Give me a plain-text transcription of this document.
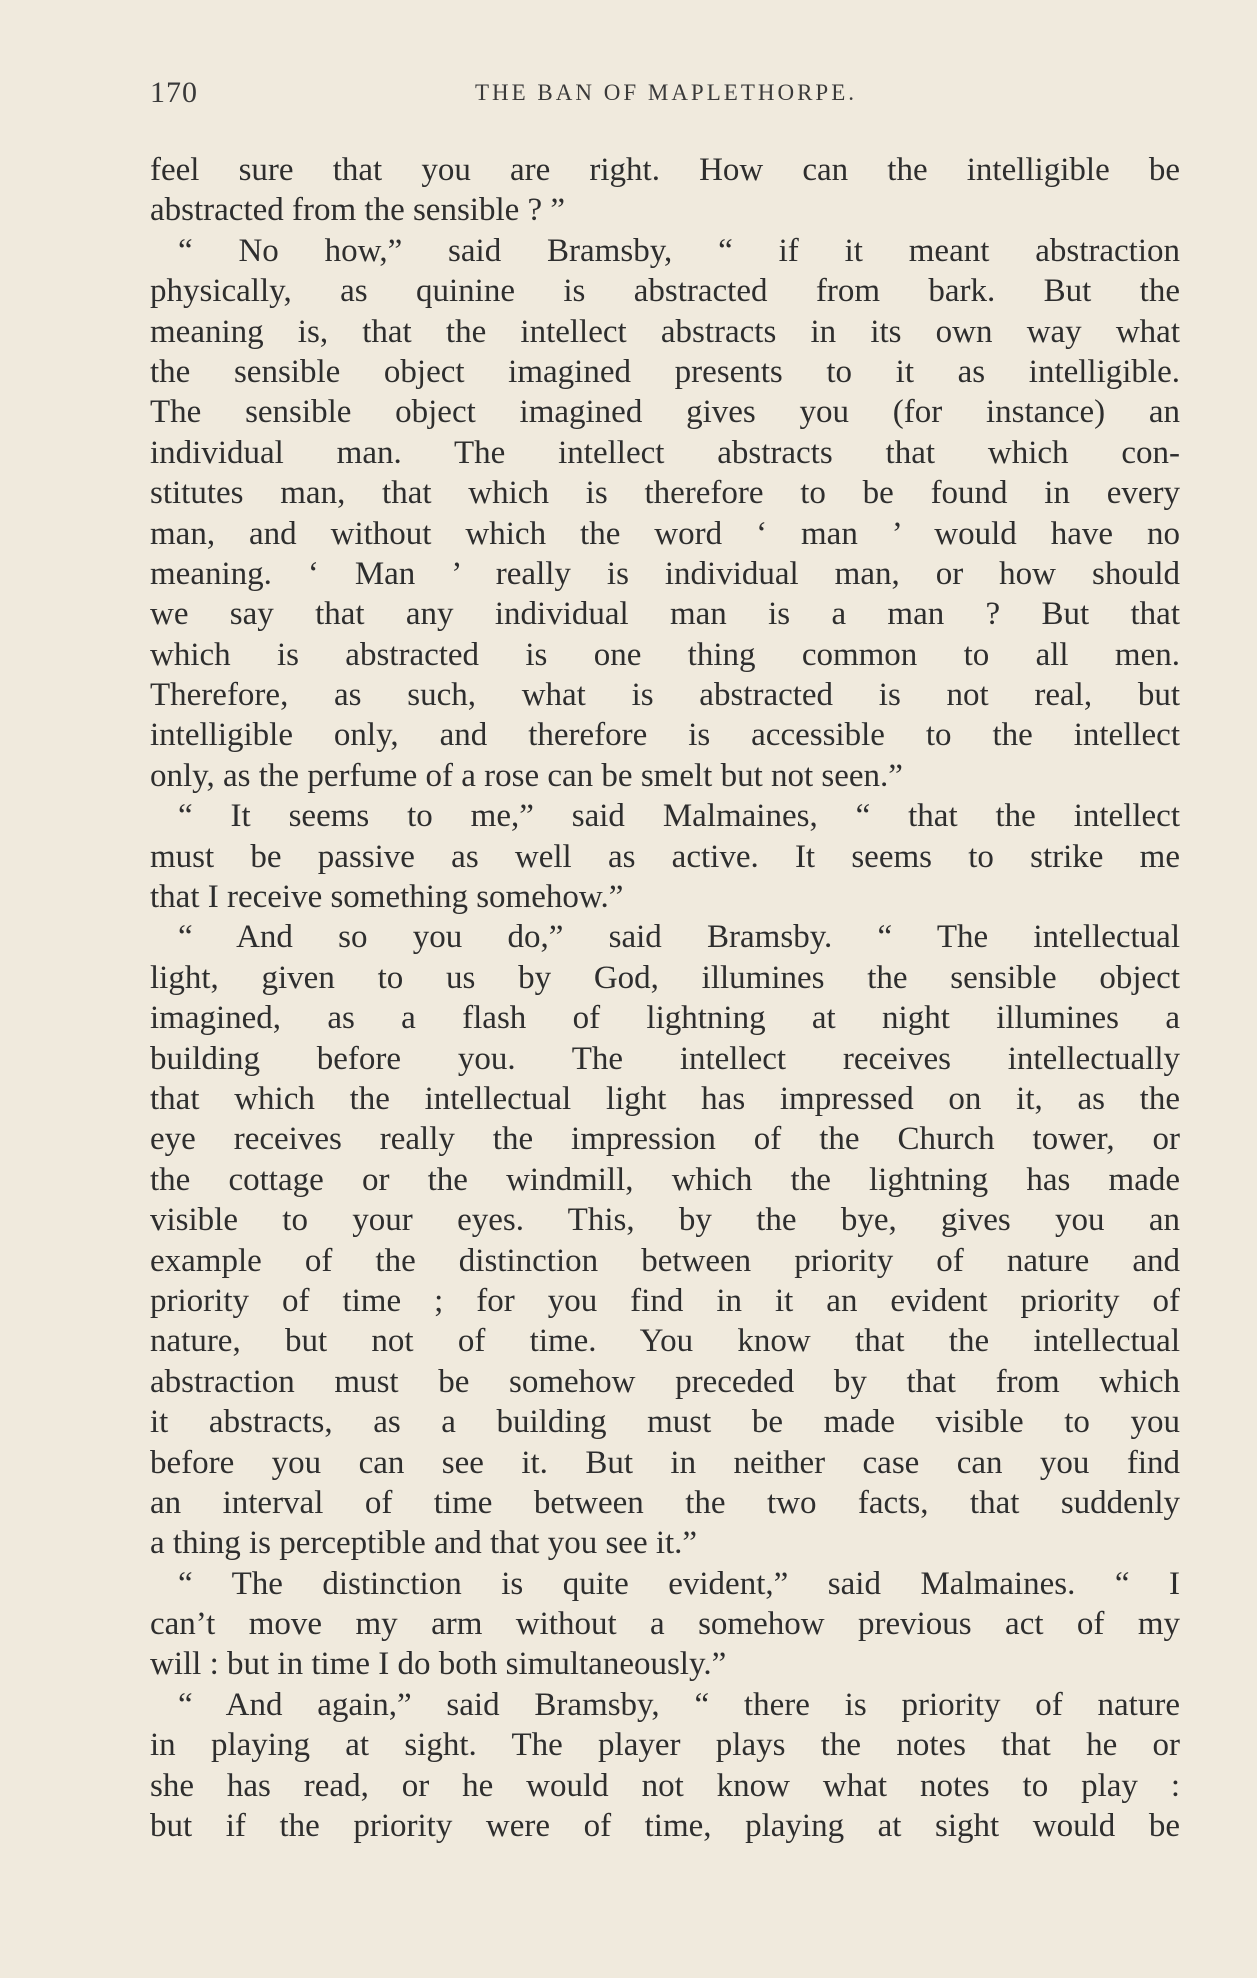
170	THE BAN OF MAPLETHORPE.
feel sure that you are right. How can the intelligible be
abstracted from the sensible ? ”
“ No how,” said Bramsby, “ if it meant abstraction
physically, as quinine is abstracted from bark. But the
meaning is, that the intellect abstracts in its own way what
the sensible object imagined presents to it as intelligible.
The sensible object imagined gives you (for instance) an
individual man. The intellect abstracts that which con-
stitutes man, that which is therefore to be found in every
man, and without which the word ‘ man ’ would have no
meaning. ‘ Man ’ really is individual man, or how should
we say that any individual man is a man ? But that
which is abstracted is one thing common to all men.
Therefore, as such, what is abstracted is not real, but
intelligible only, and therefore is accessible to the intellect
only, as the perfume of a rose can be smelt but not seen.”
“ It seems to me,” said Malmaines, “ that the intellect
must be passive as well as active. It seems to strike me
that I receive something somehow.”
“ And so you do,” said Bramsby. “ The intellectual
light, given to us by God, illumines the sensible object
imagined, as a flash of lightning at night illumines a
building before you. The intellect receives intellectually
that which the intellectual light has impressed on it, as the
eye receives really the impression of the Church tower, or
the cottage or the windmill, which the lightning has made
visible to your eyes. This, by the bye, gives you an
example of the distinction between priority of nature and
priority of time ; for you find in it an evident priority of
nature, but not of time. You know that the intellectual
abstraction must be somehow preceded by that from which
it abstracts, as a building must be made visible to you
before you can see it. But in neither case can you find
an interval of time between the two facts, that suddenly
a thing is perceptible and that you see it.”
“ The distinction is quite evident,” said Malmaines. “ I
can’t move my arm without a somehow previous act of my
will : but in time I do both simultaneously.”
“ And again,” said Bramsby, “ there is priority of nature
in playing at sight. The player plays the notes that he or
she has read, or he would not know what notes to play :
but if the priority were of time, playing at sight would be
